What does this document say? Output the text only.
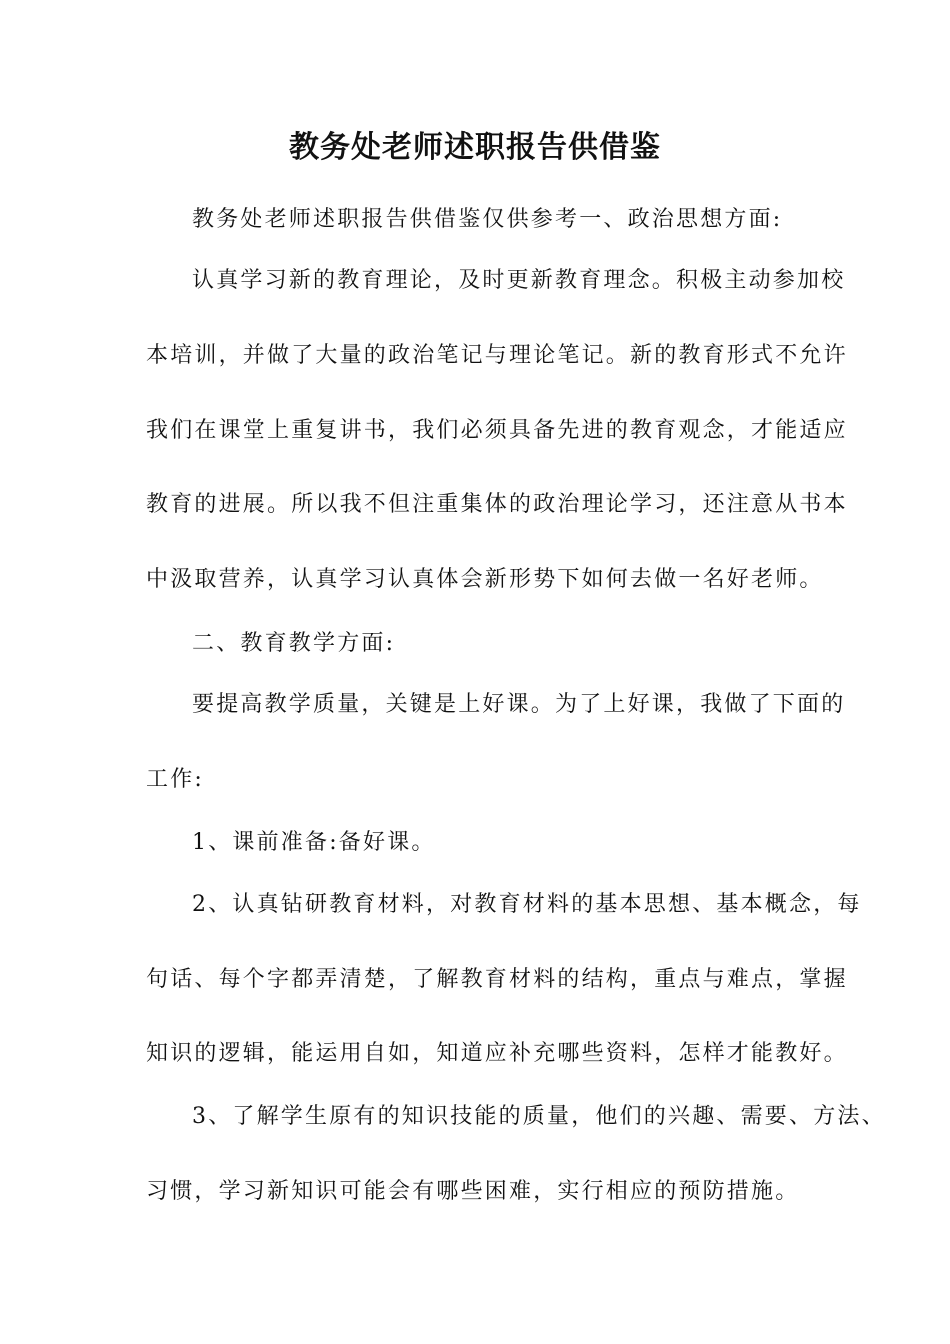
教务处老师述职报告供借鉴
教务处老师述职报告供借鉴仅供参考一、政治思想方面:
认真学习新的教育理论，及时更新教育理念。积极主动参加校
本培训，并做了大量的政治笔记与理论笔记。新的教育形式不允许
我们在课堂上重复讲书，我们必须具备先进的教育观念，才能适应
教育的进展。所以我不但注重集体的政治理论学习，还注意从书本
中汲取营养，认真学习认真体会新形势下如何去做一名好老师。
二、教育教学方面:
要提高教学质量，关键是上好课。为了上好课，我做了下面的
工作:
1、课前准备:备好课。
2、认真钻研教育材料，对教育材料的基本思想、基本概念，每
句话、每个字都弄清楚，了解教育材料的结构，重点与难点，掌握
知识的逻辑，能运用自如，知道应补充哪些资料，怎样才能教好。
3、了解学生原有的知识技能的质量，他们的兴趣、需要、方法、
习惯，学习新知识可能会有哪些困难，实行相应的预防措施。
